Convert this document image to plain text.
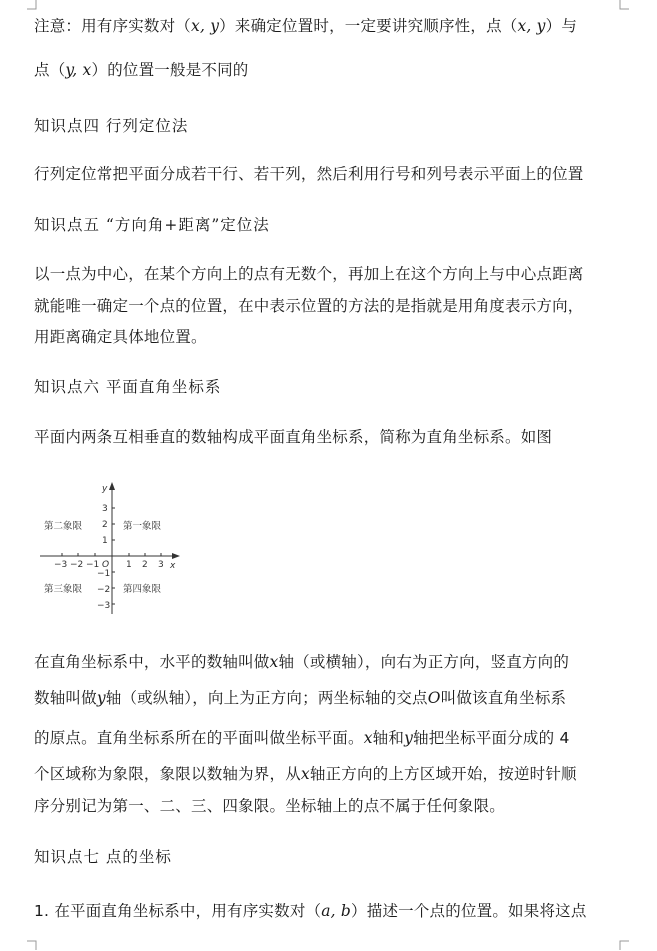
注意：用有序实数对（x, y）来确定位置时，一定要讲究顺序性，点（x, y）与
点（y, x）的位置一般是不同的
知识点四 行列定位法
行列定位常把平面分成若干行、若干列，然后利用行号和列号表示平面上的位置
知识点五 “方向角+距离”定位法
以一点为中心，在某个方向上的点有无数个，再加上在这个方向上与中心点距离
就能唯一确定一个点的位置，在中表示位置的方法的是指就是用角度表示方向，
用距离确定具体地位置。
知识点六 平面直角坐标系
平面内两条互相垂直的数轴构成平面直角坐标系，简称为直角坐标系。如图
y
x
O
−3 −2 −1	1 2 3
3
2
1
−1
−2
−3
第二象限	第一象限
第三象限	第四象限
在直角坐标系中，水平的数轴叫做x轴（或横轴），向右为正方向，竖直方向的
数轴叫做y轴（或纵轴），向上为正方向；两坐标轴的交点O叫做该直角坐标系
的原点。直角坐标系所在的平面叫做坐标平面。x轴和y轴把坐标平面分成的 4
个区域称为象限，象限以数轴为界，从x轴正方向的上方区域开始，按逆时针顺
序分别记为第一、二、三、四象限。坐标轴上的点不属于任何象限。
知识点七 点的坐标
1. 在平面直角坐标系中，用有序实数对（a, b）描述一个点的位置。如果将这点
